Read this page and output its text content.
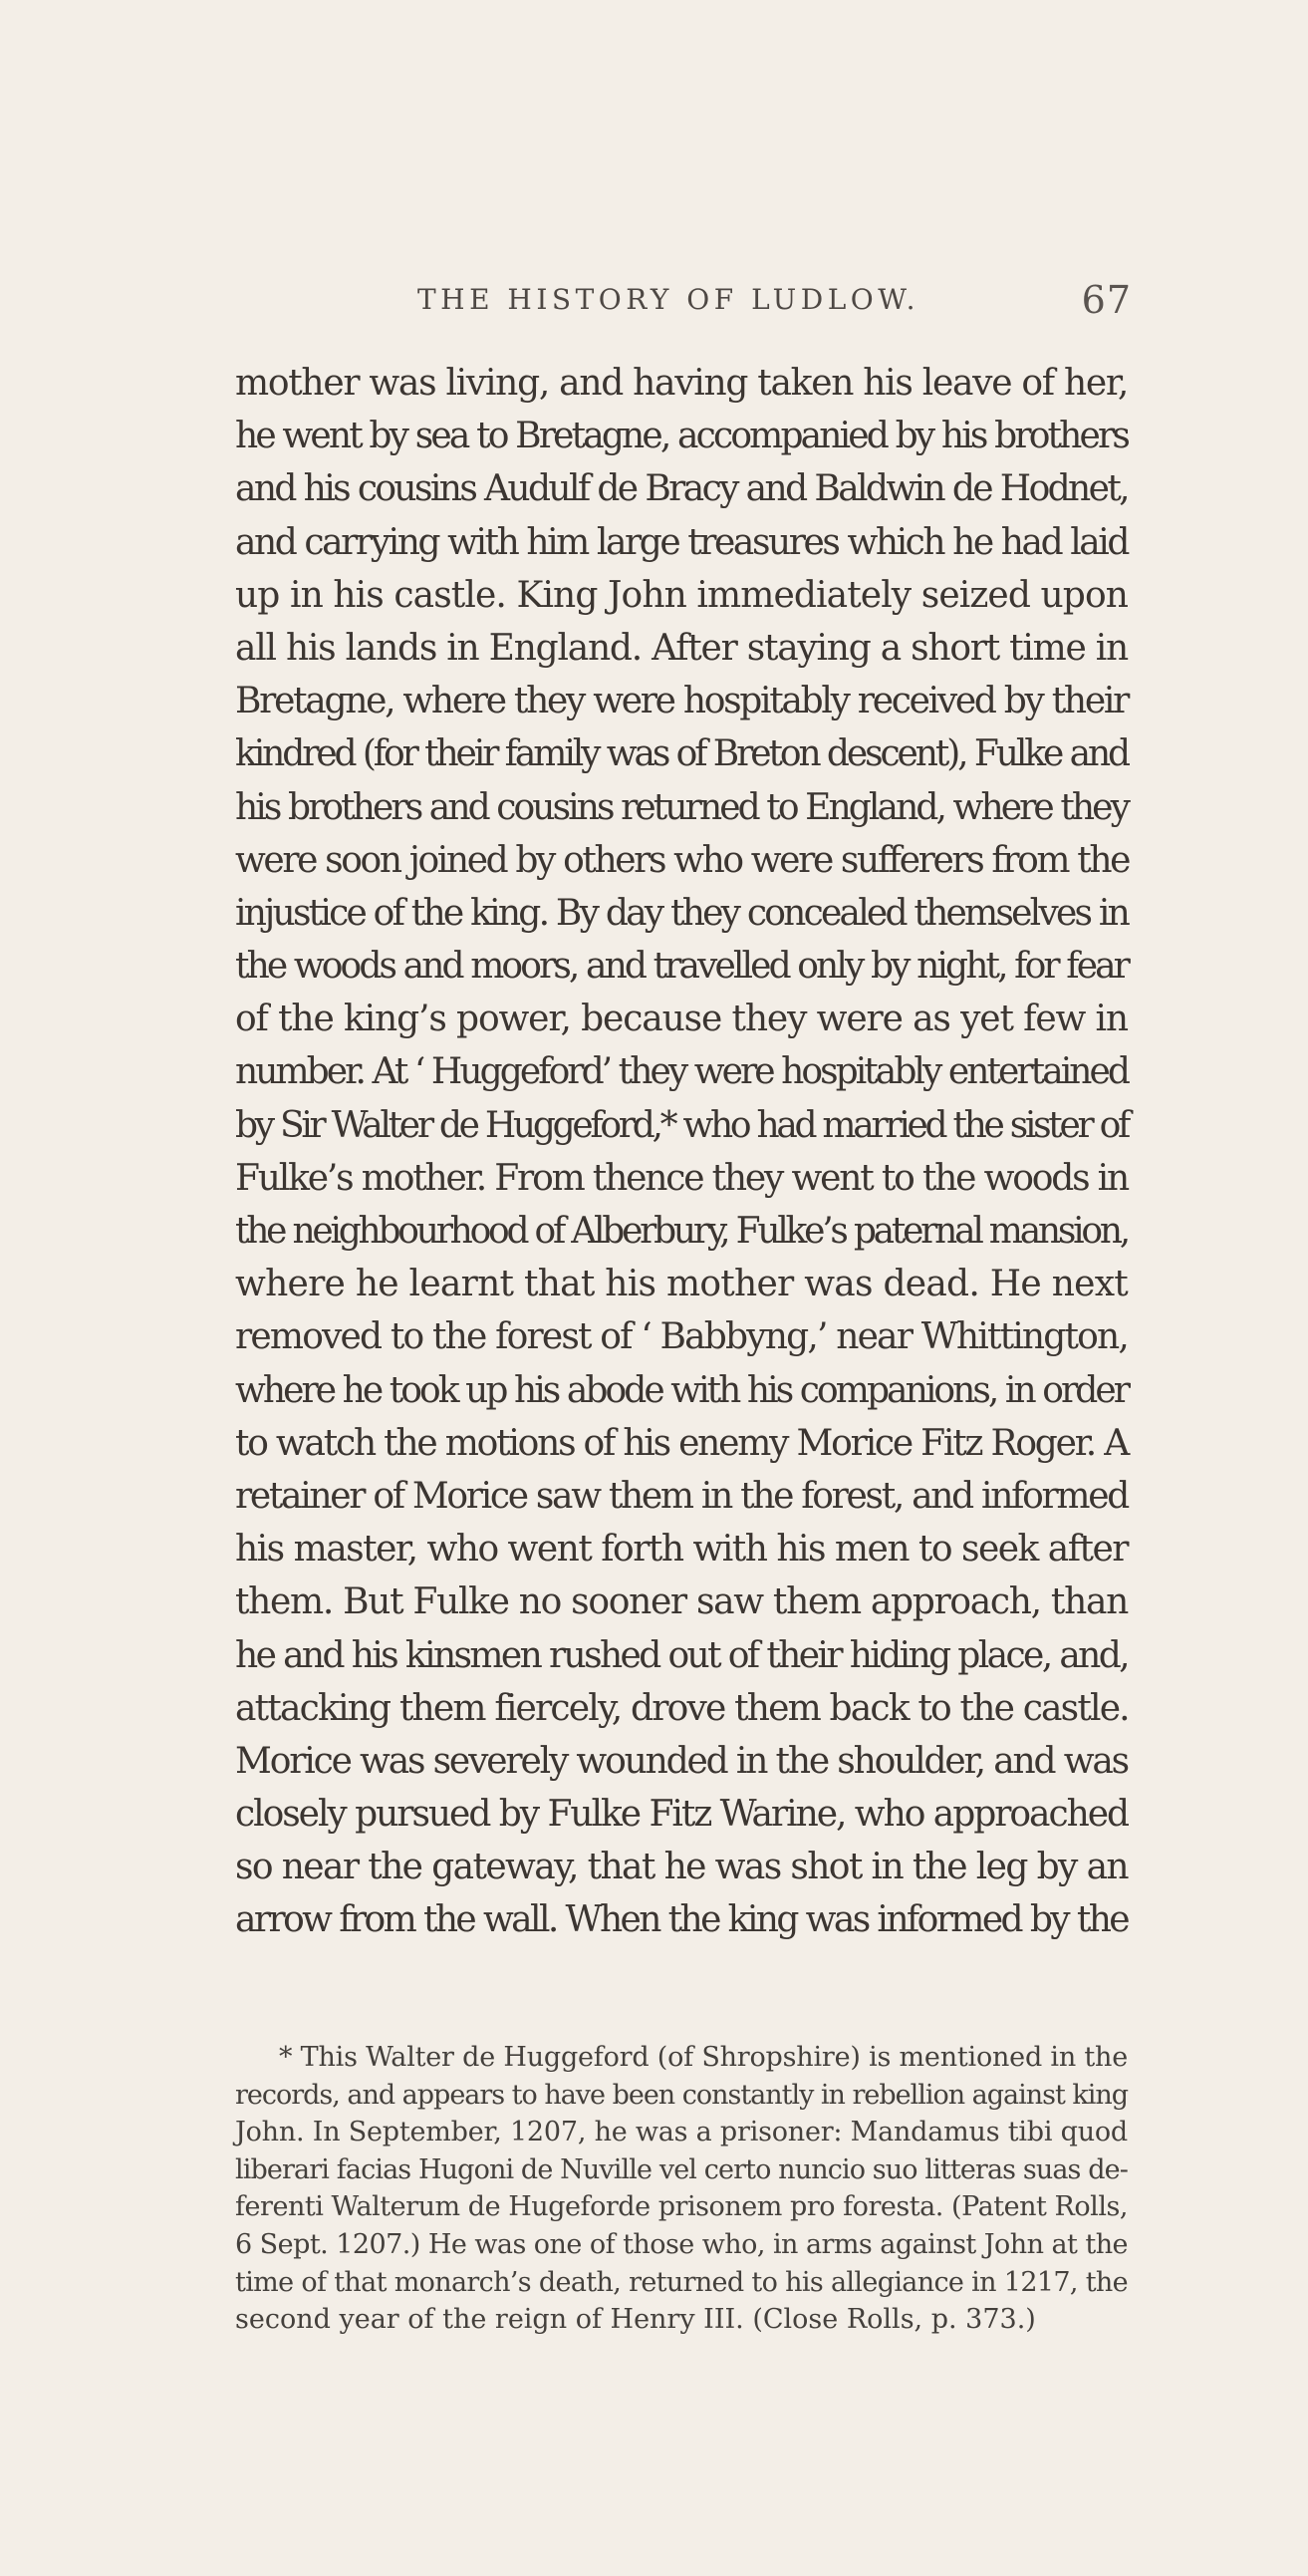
THE HISTORY OF LUDLOW.	67
mother was living, and having taken his leave of her,
he went by sea to Bretagne, accompanied by his brothers
and his cousins Audulf de Bracy and Baldwin de Hodnet,
and carrying with him large treasures which he had laid
up in his castle. King John immediately seized upon
all his lands in England. After staying a short time in
Bretagne, where they were hospitably received by their
kindred (for their family was of Breton descent), Fulke and
his brothers and cousins returned to England, where they
were soon joined by others who were sufferers from the
injustice of the king. By day they concealed themselves in
the woods and moors, and travelled only by night, for fear
of the king’s power, because they were as yet few in
number. At ‘ Huggeford’ they were hospitably entertained
by Sir Walter de Huggeford,* who had married the sister of
Fulke’s mother. From thence they went to the woods in
the neighbourhood of Alberbury, Fulke’s paternal mansion,
where he learnt that his mother was dead. He next
removed to the forest of ‘ Babbyng,’ near Whittington,
where he took up his abode with his companions, in order
to watch the motions of his enemy Morice Fitz Roger. A
retainer of Morice saw them in the forest, and informed
his master, who went forth with his men to seek after
them. But Fulke no sooner saw them approach, than
he and his kinsmen rushed out of their hiding place, and,
attacking them fiercely, drove them back to the castle.
Morice was severely wounded in the shoulder, and was
closely pursued by Fulke Fitz Warine, who approached
so near the gateway, that he was shot in the leg by an
arrow from the wall. When the king was informed by the
* This Walter de Huggeford (of Shropshire) is mentioned in the
records, and appears to have been constantly in rebellion against king
John. In September, 1207, he was a prisoner: Mandamus tibi quod
liberari facias Hugoni de Nuville vel certo nuncio suo litteras suas de-
ferenti Walterum de Hugeforde prisonem pro foresta. (Patent Rolls,
6 Sept. 1207.) He was one of those who, in arms against John at the
time of that monarch’s death, returned to his allegiance in 1217, the
second year of the reign of Henry III. (Close Rolls, p. 373.)
